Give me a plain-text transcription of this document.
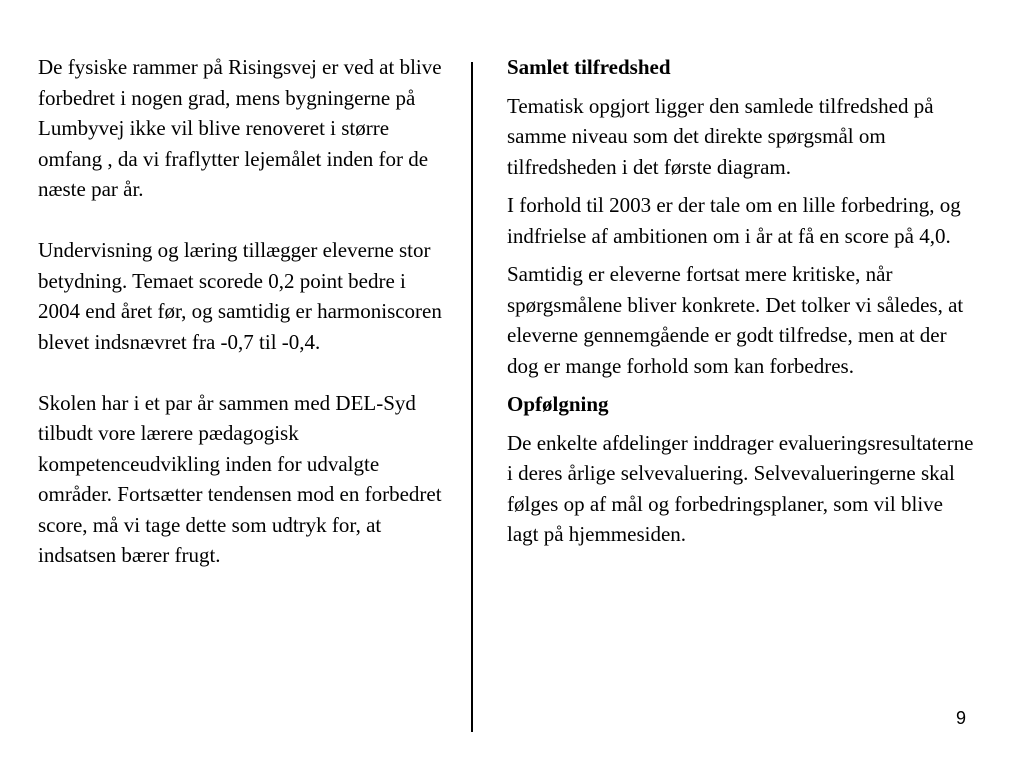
De fysiske rammer på Risingsvej er ved at blive forbedret i nogen grad, mens bygningerne på Lumbyvej ikke vil blive renoveret i større omfang , da vi fraflytter lejemålet inden for de næste par år.

Undervisning og læring tillægger eleverne stor betydning. Temaet scorede 0,2 point bedre i 2004 end året før, og samtidig er harmoniscoren blevet indsnævret fra -0,7 til -0,4.

Skolen har i et par år sammen med DEL-Syd tilbudt vore lærere pædagogisk kompetenceudvikling inden for udvalgte områder. Fortsætter tendensen mod en forbedret score, må vi tage dette som udtryk for, at indsatsen bærer frugt.

Samlet tilfredshed

Tematisk opgjort ligger den samlede tilfredshed på samme niveau som det direkte spørgsmål om tilfredsheden i det første diagram.

I forhold til 2003 er der tale om en lille forbedring, og indfrielse af ambitionen om i år at få en score på 4,0.

Samtidig er eleverne fortsat mere kritiske, når spørgsmålene bliver konkrete. Det tolker vi således, at eleverne gennemgående er godt tilfredse, men at der dog er mange forhold som kan forbedres.

Opfølgning

De enkelte afdelinger inddrager evalueringsresultaterne i deres årlige selvevaluering. Selvevalueringerne skal følges op af mål og forbedringsplaner, som vil blive lagt på hjemmesiden.

9
